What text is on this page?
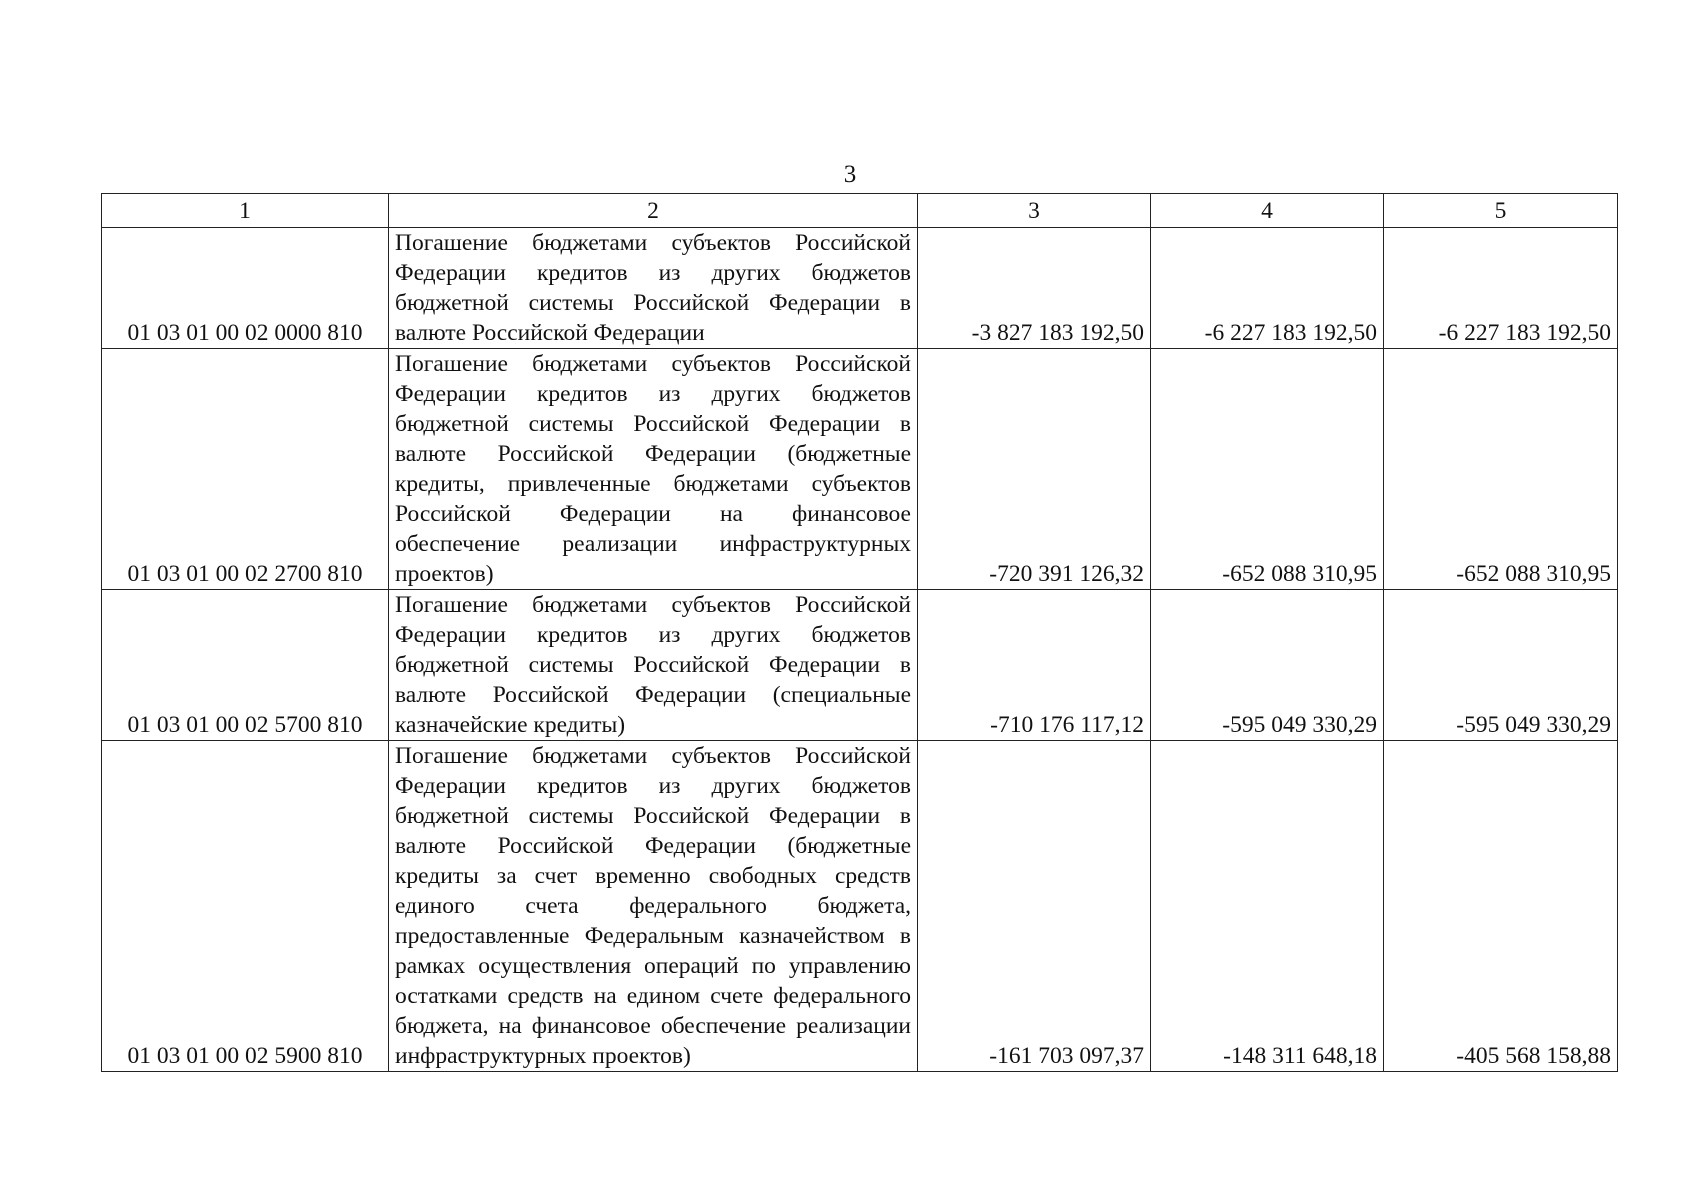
3
1	2	3	4	5
01 03 01 00 02 0000 810	Погашение бюджетами субъектов Российской Федерации кредитов из других бюджетов бюджетной системы Российской Федерации в валюте Российской Федерации	-3 827 183 192,50	-6 227 183 192,50	-6 227 183 192,50
01 03 01 00 02 2700 810	Погашение бюджетами субъектов Российской Федерации кредитов из других бюджетов бюджетной системы Российской Федерации в валюте Российской Федерации (бюджетные кредиты, привлеченные бюджетами субъектов Российской Федерации на финансовое обеспечение реализации инфраструктурных проектов)	-720 391 126,32	-652 088 310,95	-652 088 310,95
01 03 01 00 02 5700 810	Погашение бюджетами субъектов Российской Федерации кредитов из других бюджетов бюджетной системы Российской Федерации в валюте Российской Федерации (специальные казначейские кредиты)	-710 176 117,12	-595 049 330,29	-595 049 330,29
01 03 01 00 02 5900 810	Погашение бюджетами субъектов Российской Федерации кредитов из других бюджетов бюджетной системы Российской Федерации в валюте Российской Федерации (бюджетные кредиты за счет временно свободных средств единого счета федерального бюджета, предоставленные Федеральным казначейством в рамках осуществления операций по управлению остатками средств на едином счете федерального бюджета, на финансовое обеспечение реализации инфраструктурных проектов)	-161 703 097,37	-148 311 648,18	-405 568 158,88
